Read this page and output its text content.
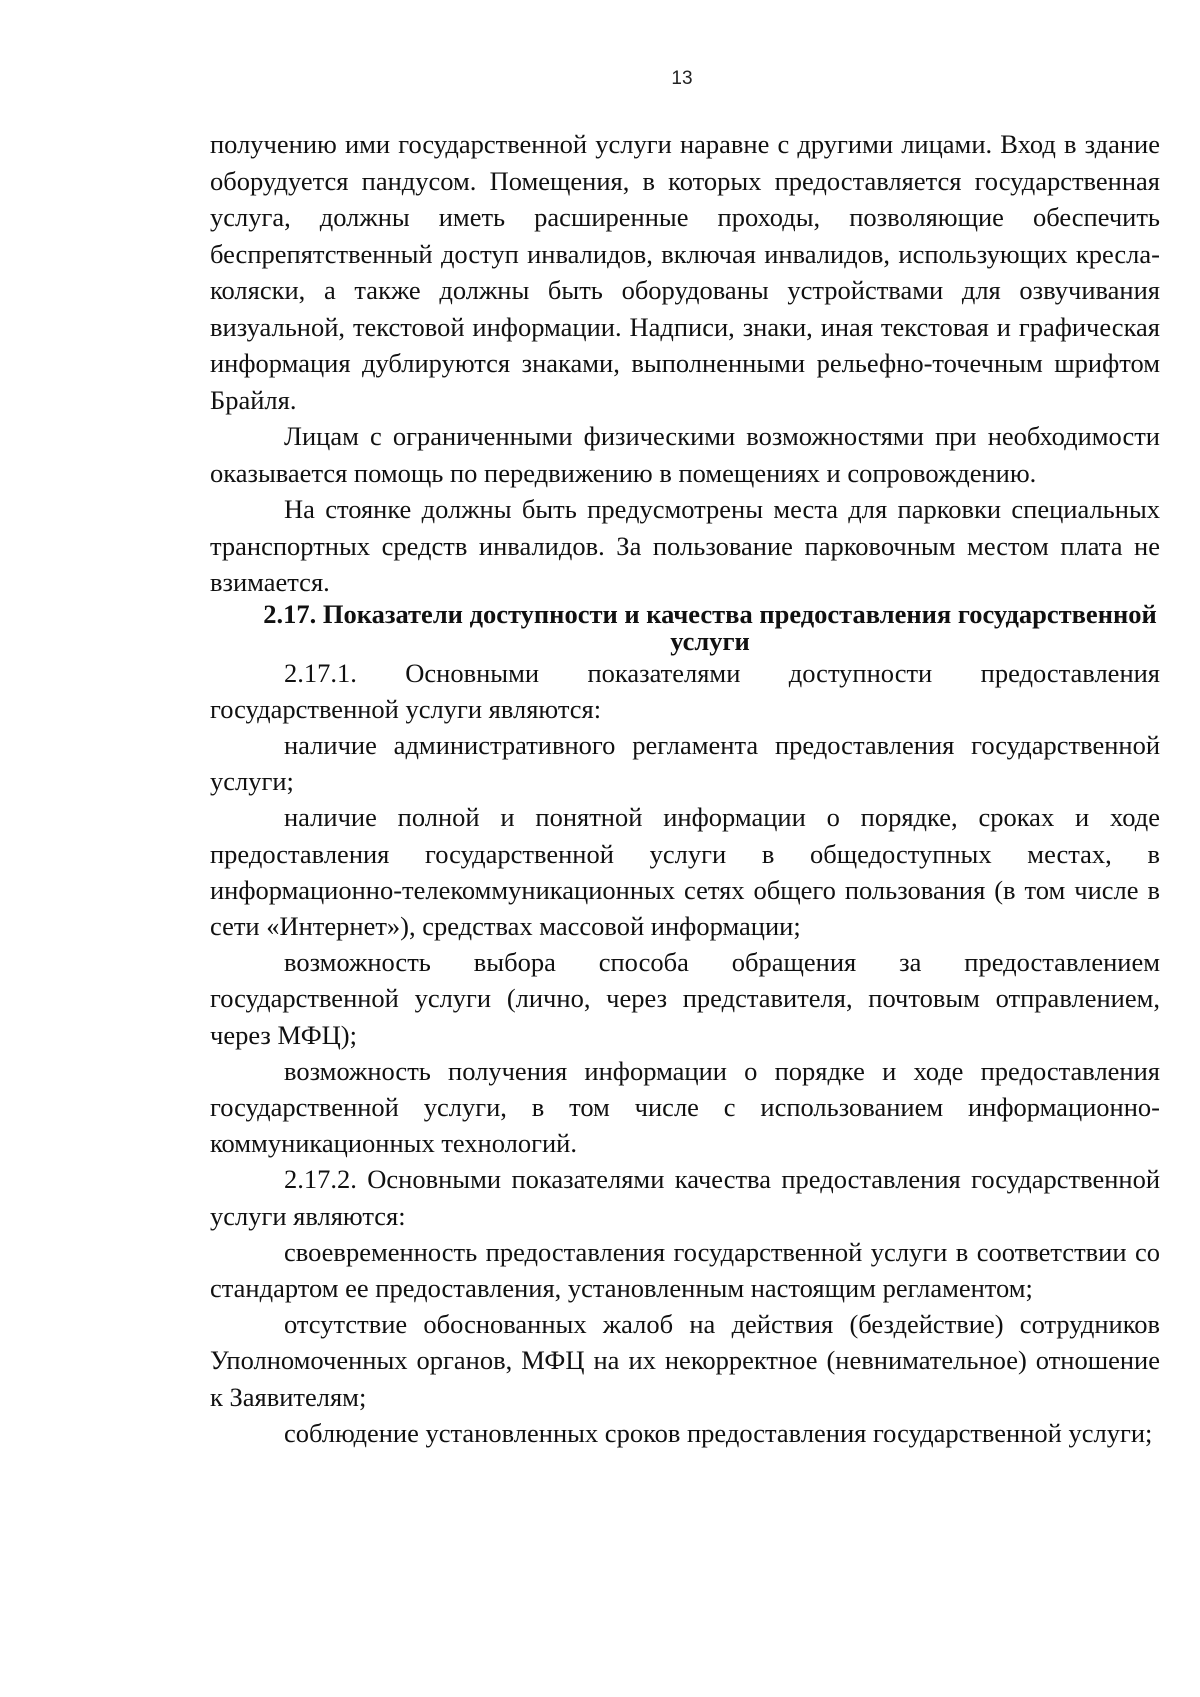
13

получению ими государственной услуги наравне с другими лицами. Вход в здание оборудуется пандусом. Помещения, в которых предоставляется государственная услуга, должны иметь расширенные проходы, позволяющие обеспечить беспрепятственный доступ инвалидов, включая инвалидов, использующих кресла-коляски, а также должны быть оборудованы устройствами для озвучивания визуальной, текстовой информации. Надписи, знаки, иная текстовая и графическая информация дублируются знаками, выполненными рельефно-точечным шрифтом Брайля.

Лицам с ограниченными физическими возможностями при необходимости оказывается помощь по передвижению в помещениях и сопровождению.

На стоянке должны быть предусмотрены места для парковки специальных транспортных средств инвалидов. За пользование парковочным местом плата не взимается.

2.17. Показатели доступности и качества предоставления государственной услуги

2.17.1. Основными показателями доступности предоставления государственной услуги являются:

наличие административного регламента предоставления государственной услуги;

наличие полной и понятной информации о порядке, сроках и ходе предоставления государственной услуги в общедоступных местах, в информационно-телекоммуникационных сетях общего пользования (в том числе в сети «Интернет»), средствах массовой информации;

возможность выбора способа обращения за предоставлением государственной услуги (лично, через представителя, почтовым отправлением, через МФЦ);

возможность получения информации о порядке и ходе предоставления государственной услуги, в том числе с использованием информационно-коммуникационных технологий.

2.17.2. Основными показателями качества предоставления государственной услуги являются:

своевременность предоставления государственной услуги в соответствии со стандартом ее предоставления, установленным настоящим регламентом;

отсутствие обоснованных жалоб на действия (бездействие) сотрудников Уполномоченных органов, МФЦ на их некорректное (невнимательное) отношение к Заявителям;

соблюдение установленных сроков предоставления государственной услуги;
